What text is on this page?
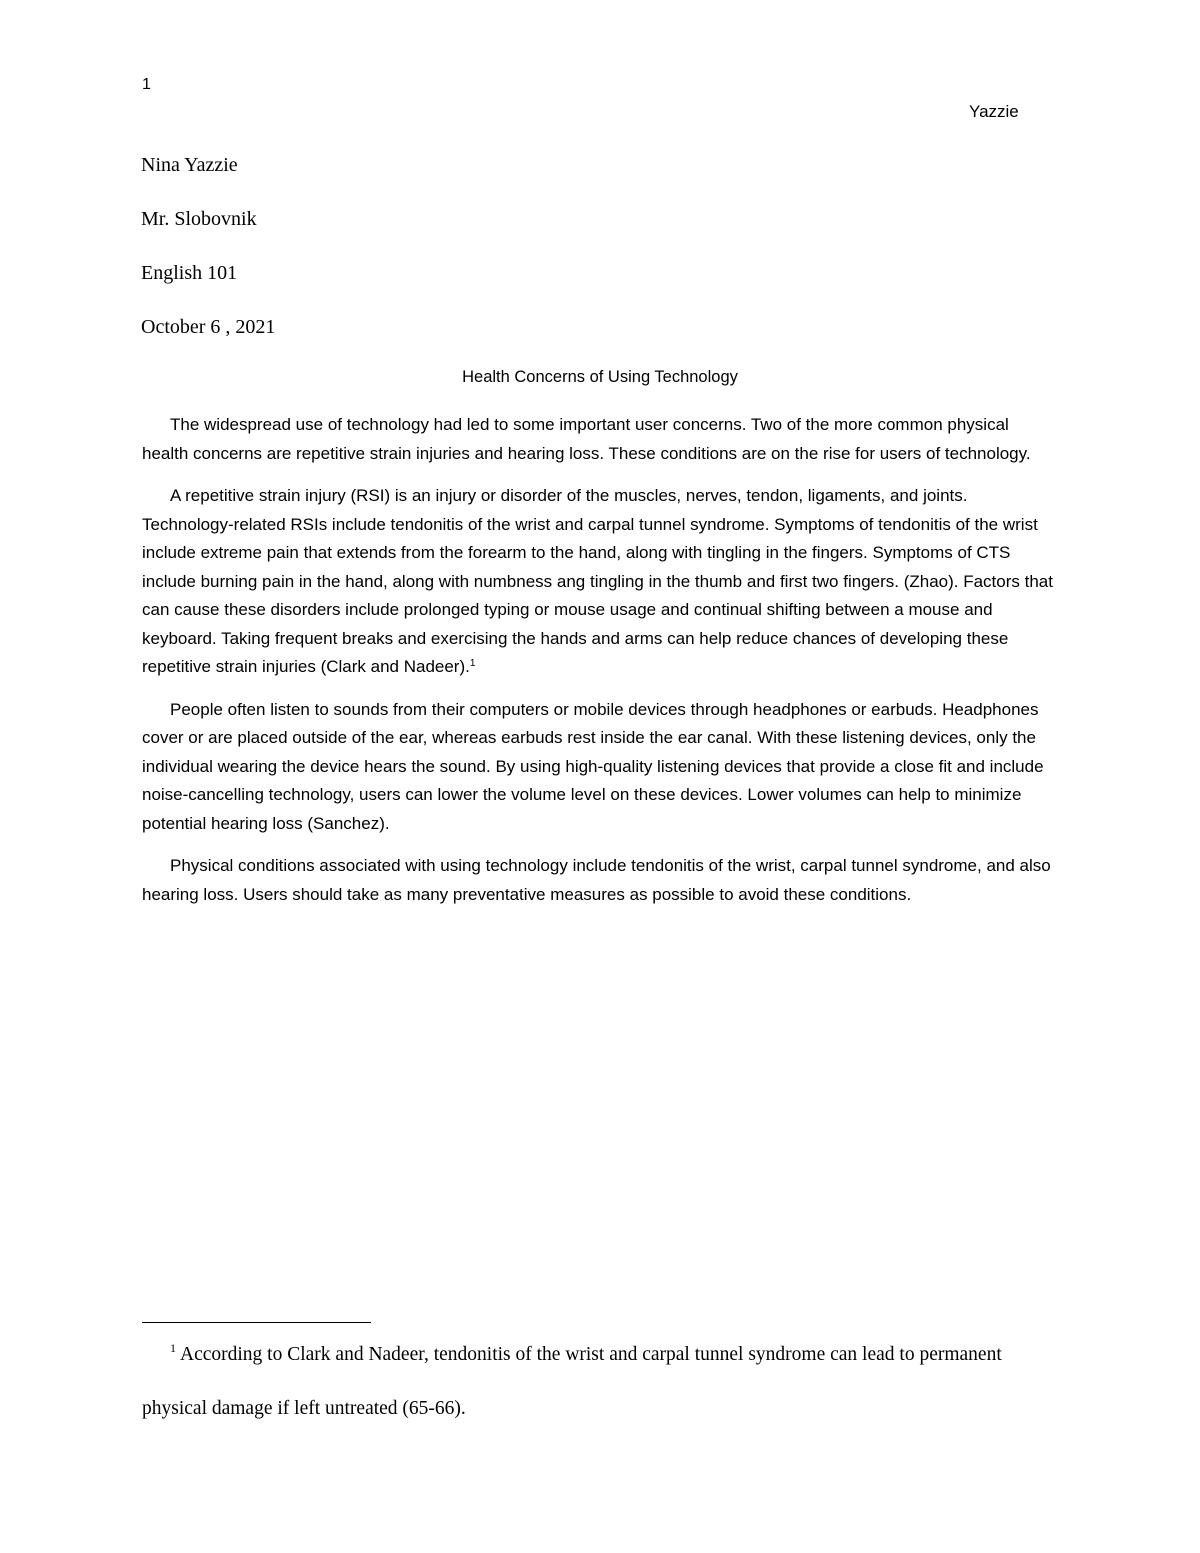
1
Yazzie

Nina Yazzie

Mr. Slobovnik

English 101

October 6 , 2021

Health Concerns of Using Technology

The widespread use of technology had led to some important user concerns. Two of the more common physical health concerns are repetitive strain injuries and hearing loss. These conditions are on the rise for users of technology.

A repetitive strain injury (RSI) is an injury or disorder of the muscles, nerves, tendon, ligaments, and joints. Technology-related RSIs include tendonitis of the wrist and carpal tunnel syndrome. Symptoms of tendonitis of the wrist include extreme pain that extends from the forearm to the hand, along with tingling in the fingers. Symptoms of CTS include burning pain in the hand, along with numbness ang tingling in the thumb and first two fingers. (Zhao). Factors that can cause these disorders include prolonged typing or mouse usage and continual shifting between a mouse and keyboard. Taking frequent breaks and exercising the hands and arms can help reduce chances of developing these repetitive strain injuries (Clark and Nadeer).$^1$

People often listen to sounds from their computers or mobile devices through headphones or earbuds. Headphones cover or are placed outside of the ear, whereas earbuds rest inside the ear canal. With these listening devices, only the individual wearing the device hears the sound. By using high-quality listening devices that provide a close fit and include noise-cancelling technology, users can lower the volume level on these devices. Lower volumes can help to minimize potential hearing loss (Sanchez).

Physical conditions associated with using technology include tendonitis of the wrist, carpal tunnel syndrome, and also hearing loss. Users should take as many preventative measures as possible to avoid these conditions.

$^1$ According to Clark and Nadeer, tendonitis of the wrist and carpal tunnel syndrome can lead to permanent physical damage if left untreated (65-66).
